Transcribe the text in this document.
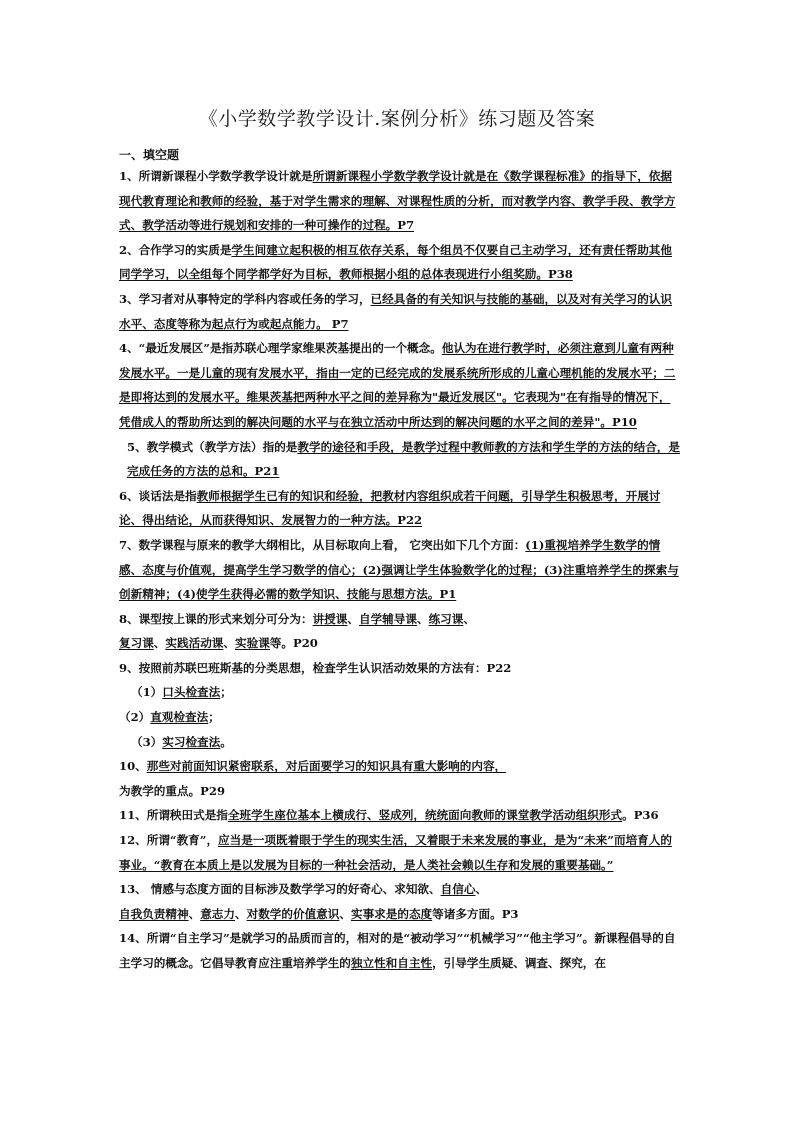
《小学数学教学设计.案例分析》练习题及答案
一、填空题

1、所谓新课程小学数学教学设计就是所谓新课程小学数学教学设计就是在《数学课程标准》的指导下，依据现代教育理论和教师的经验，基于对学生需求的理解、对课程性质的分析，而对教学内容、教学手段、教学方式、教学活动等进行规划和安排的一种可操作的过程。P7

2、合作学习的实质是学生间建立起积极的相互依存关系，每个组员不仅要自己主动学习，还有责任帮助其他同学学习，以全组每个同学都学好为目标，教师根据小组的总体表现进行小组奖励。P38

3、学习者对从事特定的学科内容或任务的学习，已经具备的有关知识与技能的基础，以及对有关学习的认识水平、态度等称为起点行为或起点能力。 P7

4、“最近发展区”是指苏联心理学家维果茨基提出的一个概念。他认为在进行教学时，必须注意到儿童有两种发展水平。一是儿童的现有发展水平，指由一定的已经完成的发展系统所形成的儿童心理机能的发展水平；二是即将达到的发展水平。维果茨基把两种水平之间的差异称为"最近发展区"。它表现为"在有指导的情况下，凭借成人的帮助所达到的解决问题的水平与在独立活动中所达到的解决问题的水平之间的差异"。P10

5、教学模式（教学方法）指的是教学的途径和手段，是教学过程中教师教的方法和学生学的方法的结合，是完成任务的方法的总和。P21

6、谈话法是指教师根据学生已有的知识和经验，把教材内容组织成若干问题，引导学生积极思考，开展讨论、得出结论，从而获得知识、发展智力的一种方法。P22

7、数学课程与原来的教学大纲相比，从目标取向上看， 它突出如下几个方面：(1)重视培养学生数学的情感、态度与价值观，提高学生学习数学的信心；(2)强调让学生体验数学化的过程；(3)注重培养学生的探索与创新精神；(4)使学生获得必需的数学知识、技能与思想方法。P1

8、课型按上课的形式来划分可分为：讲授课、自学辅导课、练习课、
复习课、实践活动课、实验课等。P20

9、按照前苏联巴班斯基的分类思想，检查学生认识活动效果的方法有：P22

（1）口头检查法；

（2）直观检查法；

（3）实习检查法。

10、那些对前面知识紧密联系，对后面要学习的知识具有重大影响的内容，
为教学的重点。P29

11、所谓秧田式是指全班学生座位基本上横成行、竖成列，统统面向教师的课堂教学活动组织形式。P36

12、所谓“教育”，应当是一项既着眼于学生的现实生活，又着眼于未来发展的事业，是为“未来”而培育人的事业。“教育在本质上是以发展为目标的一种社会活动，是人类社会赖以生存和发展的重要基础。”

13、 情感与态度方面的目标涉及数学学习的好奇心、求知欲、自信心、
自我负责精神、意志力、对数学的价值意识、实事求是的态度等诸多方面。P3

14、所谓“自主学习”是就学习的品质而言的，相对的是“被动学习”“机械学习”“他主学习”。新课程倡导的自主学习的概念。它倡导教育应注重培养学生的独立性和自主性，引导学生质疑、调查、探究，在
